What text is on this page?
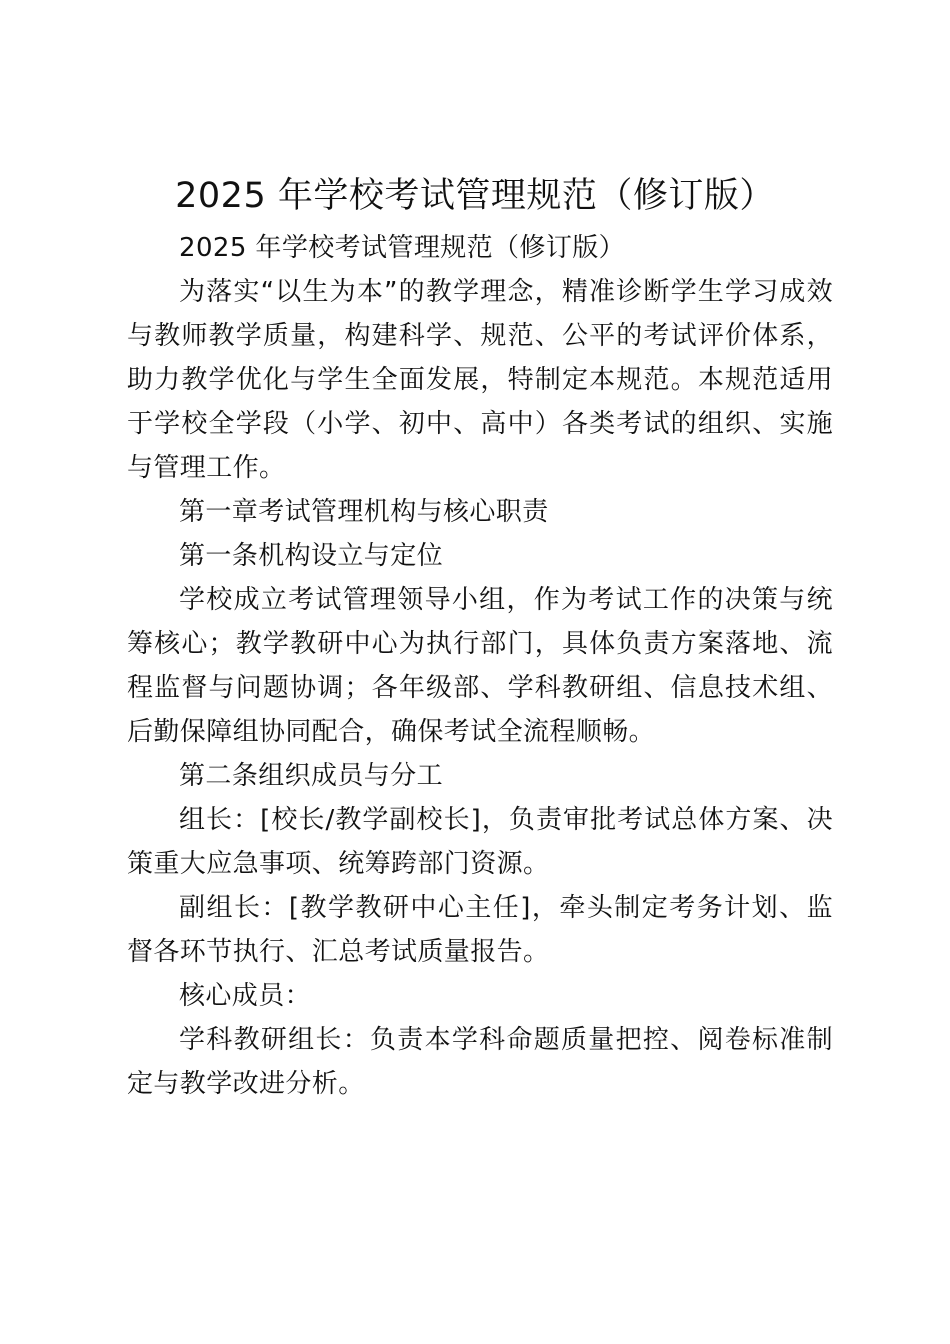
2025 年学校考试管理规范（修订版）

2025 年学校考试管理规范（修订版）

为落实“以生为本”的教学理念，精准诊断学生学习成效与教师教学质量，构建科学、规范、公平的考试评价体系，助力教学优化与学生全面发展，特制定本规范。本规范适用于学校全学段（小学、初中、高中）各类考试的组织、实施与管理工作。

第一章考试管理机构与核心职责

第一条机构设立与定位

学校成立考试管理领导小组，作为考试工作的决策与统筹核心；教学教研中心为执行部门，具体负责方案落地、流程监督与问题协调；各年级部、学科教研组、信息技术组、后勤保障组协同配合，确保考试全流程顺畅。

第二条组织成员与分工

组长：[校长/教学副校长]，负责审批考试总体方案、决策重大应急事项、统筹跨部门资源。

副组长：[教学教研中心主任]，牵头制定考务计划、监督各环节执行、汇总考试质量报告。

核心成员：

学科教研组长：负责本学科命题质量把控、阅卷标准制定与教学改进分析。
